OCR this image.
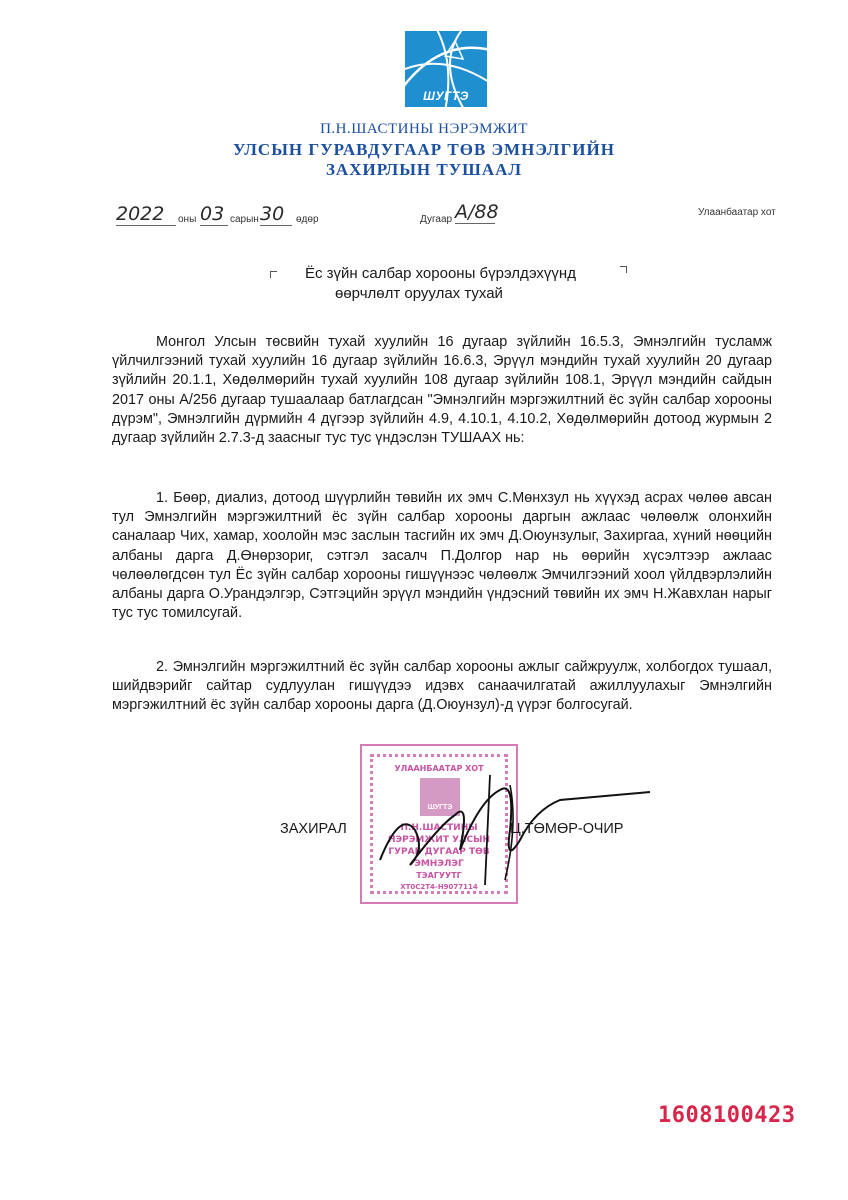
ШУГТЭ
П.Н.ШАСТИНЫ НЭРЭМЖИТ
УЛСЫН ГУРАВДУГААР ТӨВ ЭМНЭЛГИЙН
ЗАХИРЛЫН ТУШААЛ
2022	оны 03 сарын 30	өдөр	Дугаар А/88	Улаанбаатар хот
Ёс зүйн салбар хорооны бүрэлдэхүүнд
өөрчлөлт оруулах тухай
Монгол Улсын төсвийн тухай хуулийн 16 дугаар зүйлийн 16.5.3, Эмнэлгийн тусламж үйлчилгээний тухай хуулийн 16 дугаар зүйлийн 16.6.3, Эрүүл мэндийн тухай хуулийн 20 дугаар зүйлийн 20.1.1, Хөдөлмөрийн тухай хуулийн 108 дугаар зүйлийн 108.1, Эрүүл мэндийн сайдын 2017 оны А/256 дугаар тушаалаар батлагдсан "Эмнэлгийн мэргэжилтний ёс зүйн салбар хорооны дүрэм", Эмнэлгийн дүрмийн 4 дүгээр зүйлийн 4.9, 4.10.1, 4.10.2, Хөдөлмөрийн дотоод журмын 2 дугаар зүйлийн 2.7.3-д заасныг тус тус үндэслэн ТУШААХ нь:
1. Бөөр, диализ, дотоод шүүрлийн төвийн их эмч С.Мөнхзул нь хүүхэд асрах чөлөө авсан тул Эмнэлгийн мэргэжилтний ёс зүйн салбар хорооны даргын ажлаас чөлөөлж олонхийн саналаар Чих, хамар, хоолойн мэс заслын тасгийн их эмч Д.Оюунзулыг, Захиргаа, хүний нөөцийн албаны дарга Д.Өнөрзориг, сэтгэл засалч П.Долгор нар нь өөрийн хүсэлтээр ажлаас чөлөөлөгдсөн тул Ёс зүйн салбар хорооны гишүүнээс чөлөөлж Эмчилгээний хоол үйлдвэрлэлийн албаны дарга О.Урандэлгэр, Сэтгэцийн эрүүл мэндийн үндэсний төвийн их эмч Н.Жавхлан нарыг тус тус томилсугай.
2. Эмнэлгийн мэргэжилтний ёс зүйн салбар хорооны ажлыг сайжруулж, холбогдох тушаал, шийдвэрийг сайтар судлуулан гишүүдээ идэвх санаачилгатай ажиллуулахыг Эмнэлгийн мэргэжилтний ёс зүйн салбар хорооны дарга (Д.Оюунзул)-д үүрэг болгосугай.
УЛААНБААТАР ХОТ
ШУГТЭ
П.Н.ШАСТИНЫ
НЭРЭМЖИТ УЛСЫН
ГУРАВ ДУГААР ТӨВ
ЭМНЭЛЭГ
ТЭАГУУТГ
ХТ0С2Т4-Н9077114
ЗАХИРАЛ	Ц.ТӨМӨР-ОЧИР
1608100423
